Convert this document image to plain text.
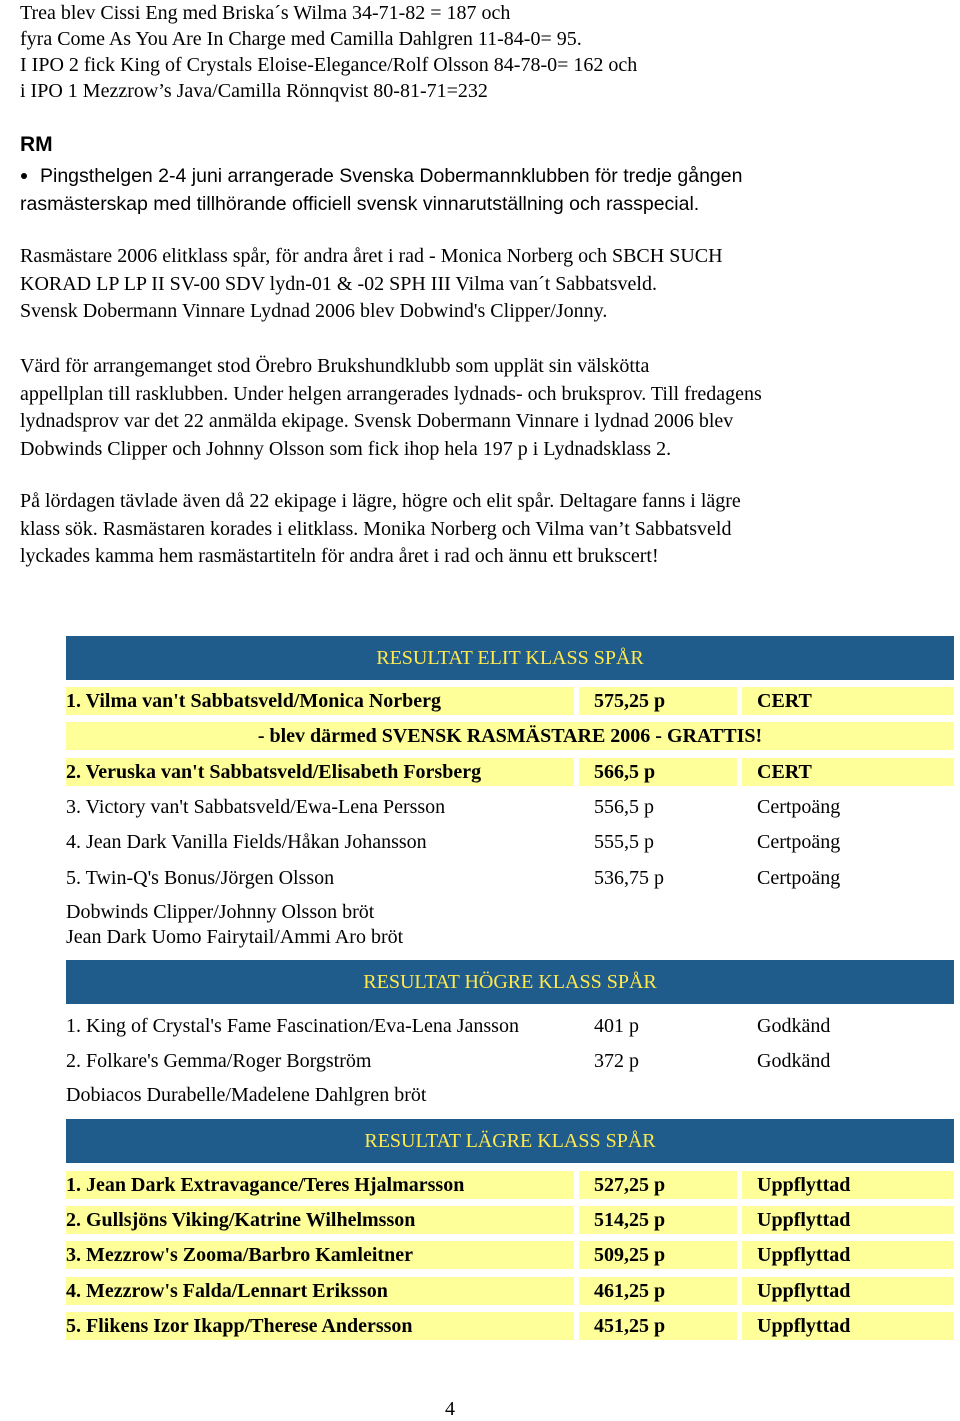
Trea blev Cissi Eng med Briska´s Wilma 34-71-82 = 187 och
fyra Come As You Are In Charge med Camilla Dahlgren 11-84-0= 95.
I IPO 2 fick King of Crystals Eloise-Elegance/Rolf Olsson 84-78-0= 162 och
i IPO 1 Mezzrow’s Java/Camilla Rönnqvist 80-81-71=232
RM
Pingsthelgen 2-4 juni arrangerade Svenska Dobermannklubben för tredje gången
rasmästerskap med tillhörande officiell svensk vinnarutställning och rasspecial.
Rasmästare 2006 elitklass spår, för andra året i rad - Monica Norberg och SBCH SUCH
KORAD LP LP II SV-00 SDV lydn-01 & -02 SPH III Vilma van´t Sabbatsveld.
Svensk Dobermann Vinnare Lydnad 2006 blev Dobwind's Clipper/Jonny.
Värd för arrangemanget stod Örebro Brukshundklubb som upplät sin välskötta
appellplan till rasklubben. Under helgen arrangerades lydnads- och bruksprov. Till fredagens
lydnadsprov var det 22 anmälda ekipage. Svensk Dobermann Vinnare i lydnad 2006 blev
Dobwinds Clipper och Johnny Olsson som fick ihop hela 197 p i Lydnadsklass 2.
På lördagen tävlade även då 22 ekipage i lägre, högre och elit spår. Deltagare fanns i lägre
klass sök. Rasmästaren korades i elitklass. Monika Norberg och Vilma van’t Sabbatsveld
lyckades kamma hem rasmästartiteln för andra året i rad och ännu ett brukscert!
RESULTAT ELIT KLASS SPÅR
1. Vilma van't Sabbatsveld/Monica Norberg	575,25 p	CERT
- blev därmed SVENSK RASMÄSTARE 2006 - GRATTIS!
2. Veruska van't Sabbatsveld/Elisabeth Forsberg	566,5 p	CERT
3. Victory van't Sabbatsveld/Ewa-Lena Persson	556,5 p	Certpoäng
4. Jean Dark Vanilla Fields/Håkan Johansson	555,5 p	Certpoäng
5. Twin-Q's Bonus/Jörgen Olsson	536,75 p	Certpoäng
Dobwinds Clipper/Johnny Olsson bröt
Jean Dark Uomo Fairytail/Ammi Aro bröt
RESULTAT HÖGRE KLASS SPÅR
1. King of Crystal's Fame Fascination/Eva-Lena Jansson	401 p	Godkänd
2. Folkare's Gemma/Roger Borgström	372 p	Godkänd
Dobiacos Durabelle/Madelene Dahlgren bröt
RESULTAT LÄGRE KLASS SPÅR
1. Jean Dark Extravagance/Teres Hjalmarsson	527,25 p	Uppflyttad
2. Gullsjöns Viking/Katrine Wilhelmsson	514,25 p	Uppflyttad
3. Mezzrow's Zooma/Barbro Kamleitner	509,25 p	Uppflyttad
4. Mezzrow's Falda/Lennart Eriksson	461,25 p	Uppflyttad
5. Flikens Izor Ikapp/Therese Andersson	451,25 p	Uppflyttad
4
